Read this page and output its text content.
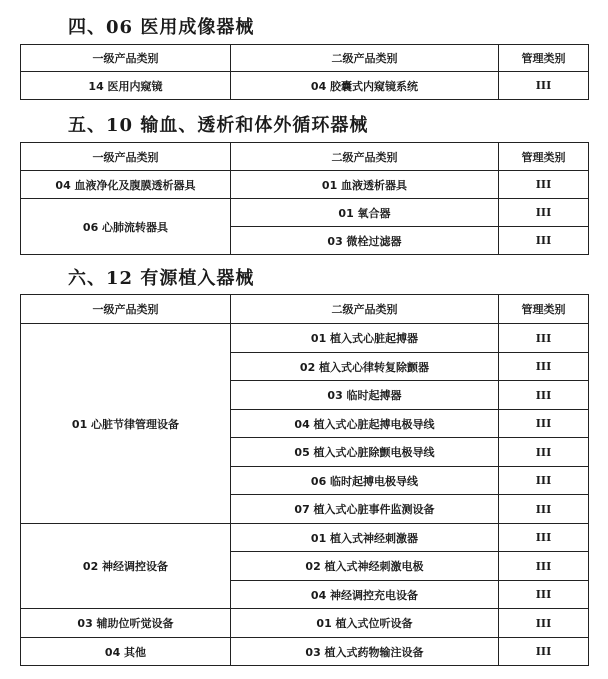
四、06 医用成像器械
一级产品类别	二级产品类别	管理类别
14 医用内窥镜	04 胶囊式内窥镜系统	III
五、10 输血、透析和体外循环器械
一级产品类别	二级产品类别	管理类别
04 血液净化及腹膜透析器具	01 血液透析器具	III
06 心肺流转器具	01 氧合器	III
	03 微栓过滤器	III
六、12 有源植入器械
一级产品类别	二级产品类别	管理类别
01 心脏节律管理设备	01 植入式心脏起搏器	III
	02 植入式心律转复除颤器	III
	03 临时起搏器	III
	04 植入式心脏起搏电极导线	III
	05 植入式心脏除颤电极导线	III
	06 临时起搏电极导线	III
	07 植入式心脏事件监测设备	III
02 神经调控设备	01 植入式神经刺激器	III
	02 植入式神经刺激电极	III
	04 神经调控充电设备	III
03 辅助位听觉设备	01 植入式位听设备	III
04 其他	03 植入式药物输注设备	III
